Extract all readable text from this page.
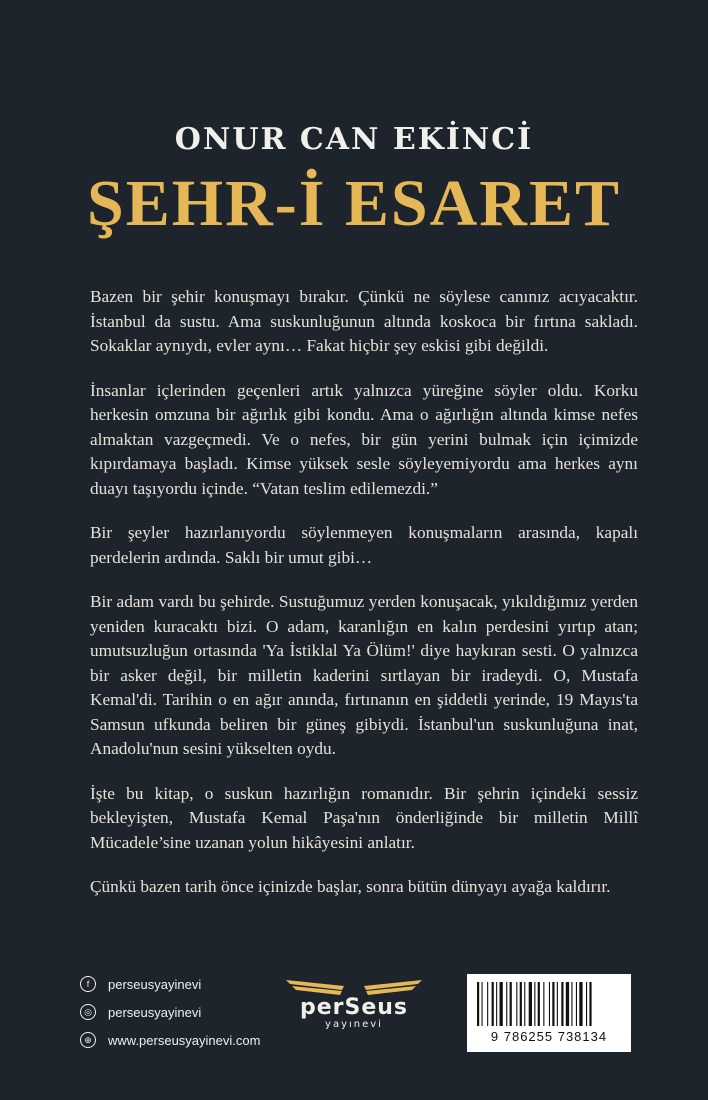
ONUR CAN EKİNCİ
ŞEHR-İ ESARET

Bazen bir şehir konuşmayı bırakır. Çünkü ne söylese canınız acıyacaktır. İstanbul da sustu. Ama suskunluğunun altında koskoca bir fırtına sakladı. Sokaklar aynıydı, evler aynı… Fakat hiçbir şey eskisi gibi değildi.

İnsanlar içlerinden geçenleri artık yalnızca yüreğine söyler oldu. Korku herkesin omzuna bir ağırlık gibi kondu. Ama o ağırlığın altında kimse nefes almaktan vazgeçmedi. Ve o nefes, bir gün yerini bulmak için içimizde kıpırdamaya başladı. Kimse yüksek sesle söyleyemiyordu ama herkes aynı duayı taşıyordu içinde. “Vatan teslim edilemezdi.”

Bir şeyler hazırlanıyordu söylenmeyen konuşmaların arasında, kapalı perdelerin ardında. Saklı bir umut gibi…

Bir adam vardı bu şehirde. Sustuğumuz yerden konuşacak, yıkıldığımız yerden yeniden kuracaktı bizi. O adam, karanlığın en kalın perdesini yırtıp atan; umutsuzluğun ortasında 'Ya İstiklal Ya Ölüm!' diye haykıran sesti. O yalnızca bir asker değil, bir milletin kaderini sırtlayan bir iradeydi. O, Mustafa Kemal'di. Tarihin o en ağır anında, fırtınanın en şiddetli yerinde, 19 Mayıs'ta Samsun ufkunda beliren bir güneş gibiydi. İstanbul'un suskunluğuna inat, Anadolu'nun sesini yükselten oydu.

İşte bu kitap, o suskun hazırlığın romanıdır. Bir şehrin içindeki sessiz bekleyişten, Mustafa Kemal Paşa'nın önderliğinde bir milletin Millî Mücadele’sine uzanan yolun hikâyesini anlatır.

Çünkü bazen tarih önce içinizde başlar, sonra bütün dünyayı ayağa kaldırır.

f	perseusyayinevi
◎	perseusyayinevi
⊕	www.perseusyayinevi.com
perSeus
yayınevi
9 786255 738134
